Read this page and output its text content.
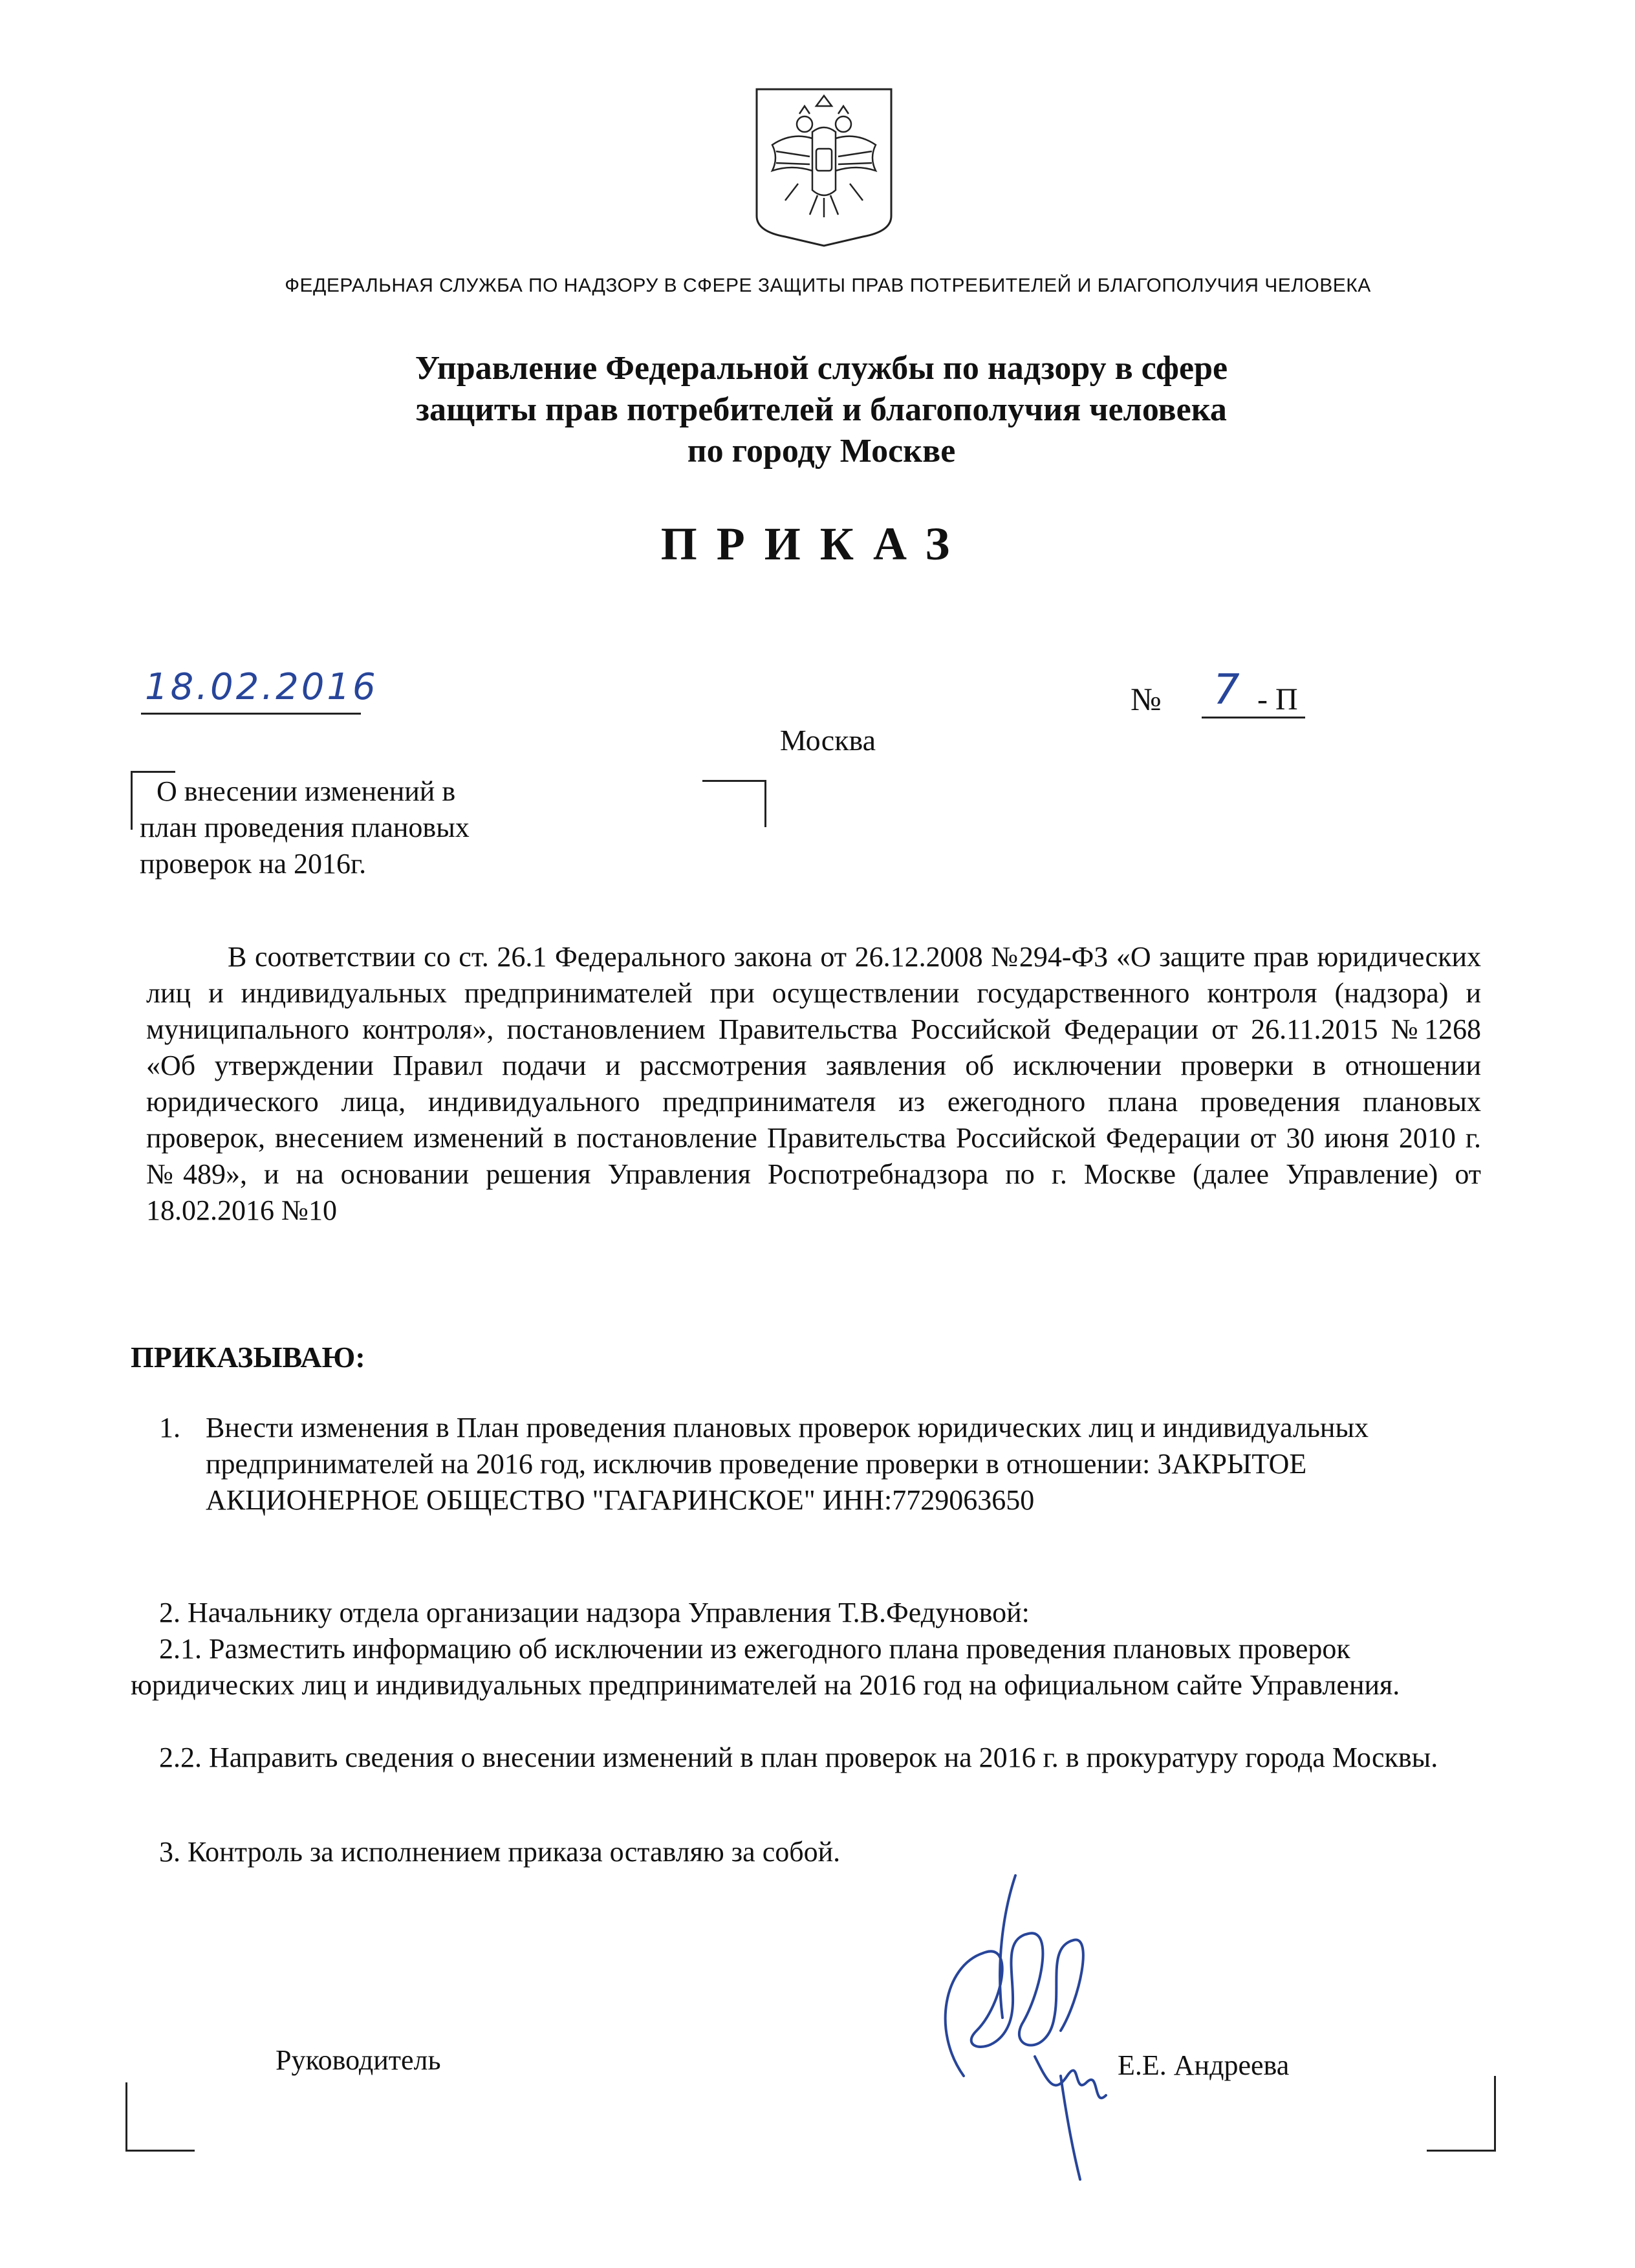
ФЕДЕРАЛЬНАЯ СЛУЖБА ПО НАДЗОРУ В СФЕРЕ ЗАЩИТЫ ПРАВ ПОТРЕБИТЕЛЕЙ И БЛАГОПОЛУЧИЯ ЧЕЛОВЕКА
Управление Федеральной службы по надзору в сфере
защиты прав потребителей и благополучия человека
по городу Москве
ПРИКАЗ
18.02.2016	№ 7 - П
Москва
О внесении изменений в
план проведения плановых
проверок на 2016г.
В соответствии со ст. 26.1 Федерального закона от 26.12.2008 №294-ФЗ «О защите прав юридических лиц и индивидуальных предпринимателей при осуществлении государственного контроля (надзора) и муниципального контроля», постановлением Правительства Российской Федерации от 26.11.2015 №1268 «Об утверждении Правил подачи и рассмотрения заявления об исключении проверки в отношении юридического лица, индивидуального предпринимателя из ежегодного плана проведения плановых проверок, внесением изменений в постановление Правительства Российской Федерации от 30 июня 2010 г. №489», и на основании решения Управления Роспотребнадзора по г. Москве (далее Управление) от 18.02.2016 №10
ПРИКАЗЫВАЮ:
1. Внести изменения в План проведения плановых проверок юридических лиц и индивидуальных предпринимателей на 2016 год, исключив проведение проверки в отношении: ЗАКРЫТОЕ АКЦИОНЕРНОЕ ОБЩЕСТВО "ГАГАРИНСКОЕ" ИНН:7729063650
2. Начальнику отдела организации надзора Управления Т.В.Федуновой:
2.1. Разместить информацию об исключении из ежегодного плана проведения плановых проверок юридических лиц и индивидуальных предпринимателей на 2016 год на официальном сайте Управления.
2.2. Направить сведения о внесении изменений в план проверок на 2016 г. в прокуратуру города Москвы.
3. Контроль за исполнением приказа оставляю за собой.
Руководитель	Е.Е. Андреева
